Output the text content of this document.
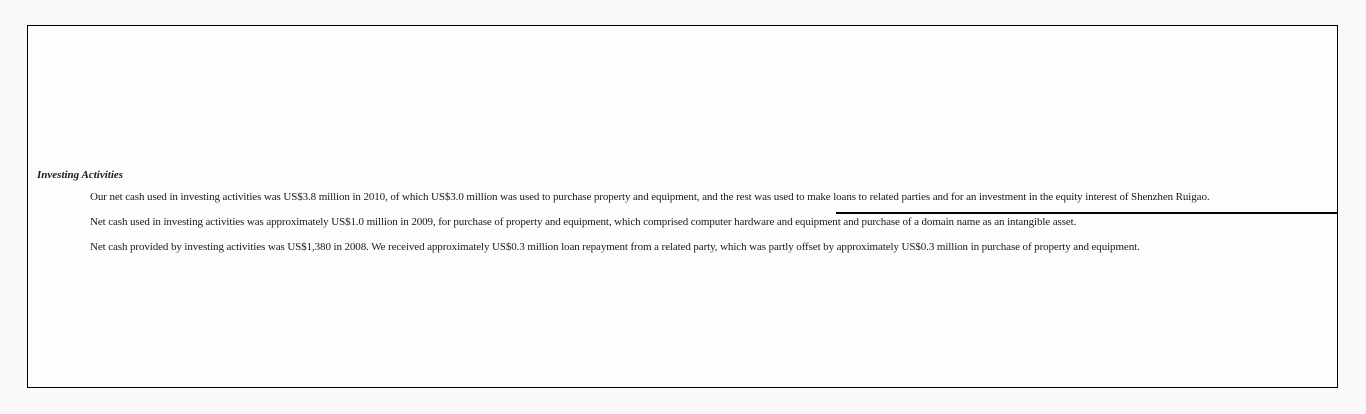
Investing Activities
Our net cash used in investing activities was US$3.8 million in 2010, of which US$3.0 million was used to purchase property and equipment, and the rest was used to make loans to related parties and for an investment in the equity interest of Shenzhen Ruigao.
Net cash used in investing activities was approximately US$1.0 million in 2009, for purchase of property and equipment, which comprised computer hardware and equipment and purchase of a domain name as an intangible asset.
Net cash provided by investing activities was US$1,380 in 2008. We received approximately US$0.3 million loan repayment from a related party, which was partly offset by approximately US$0.3 million in purchase of property and equipment.
